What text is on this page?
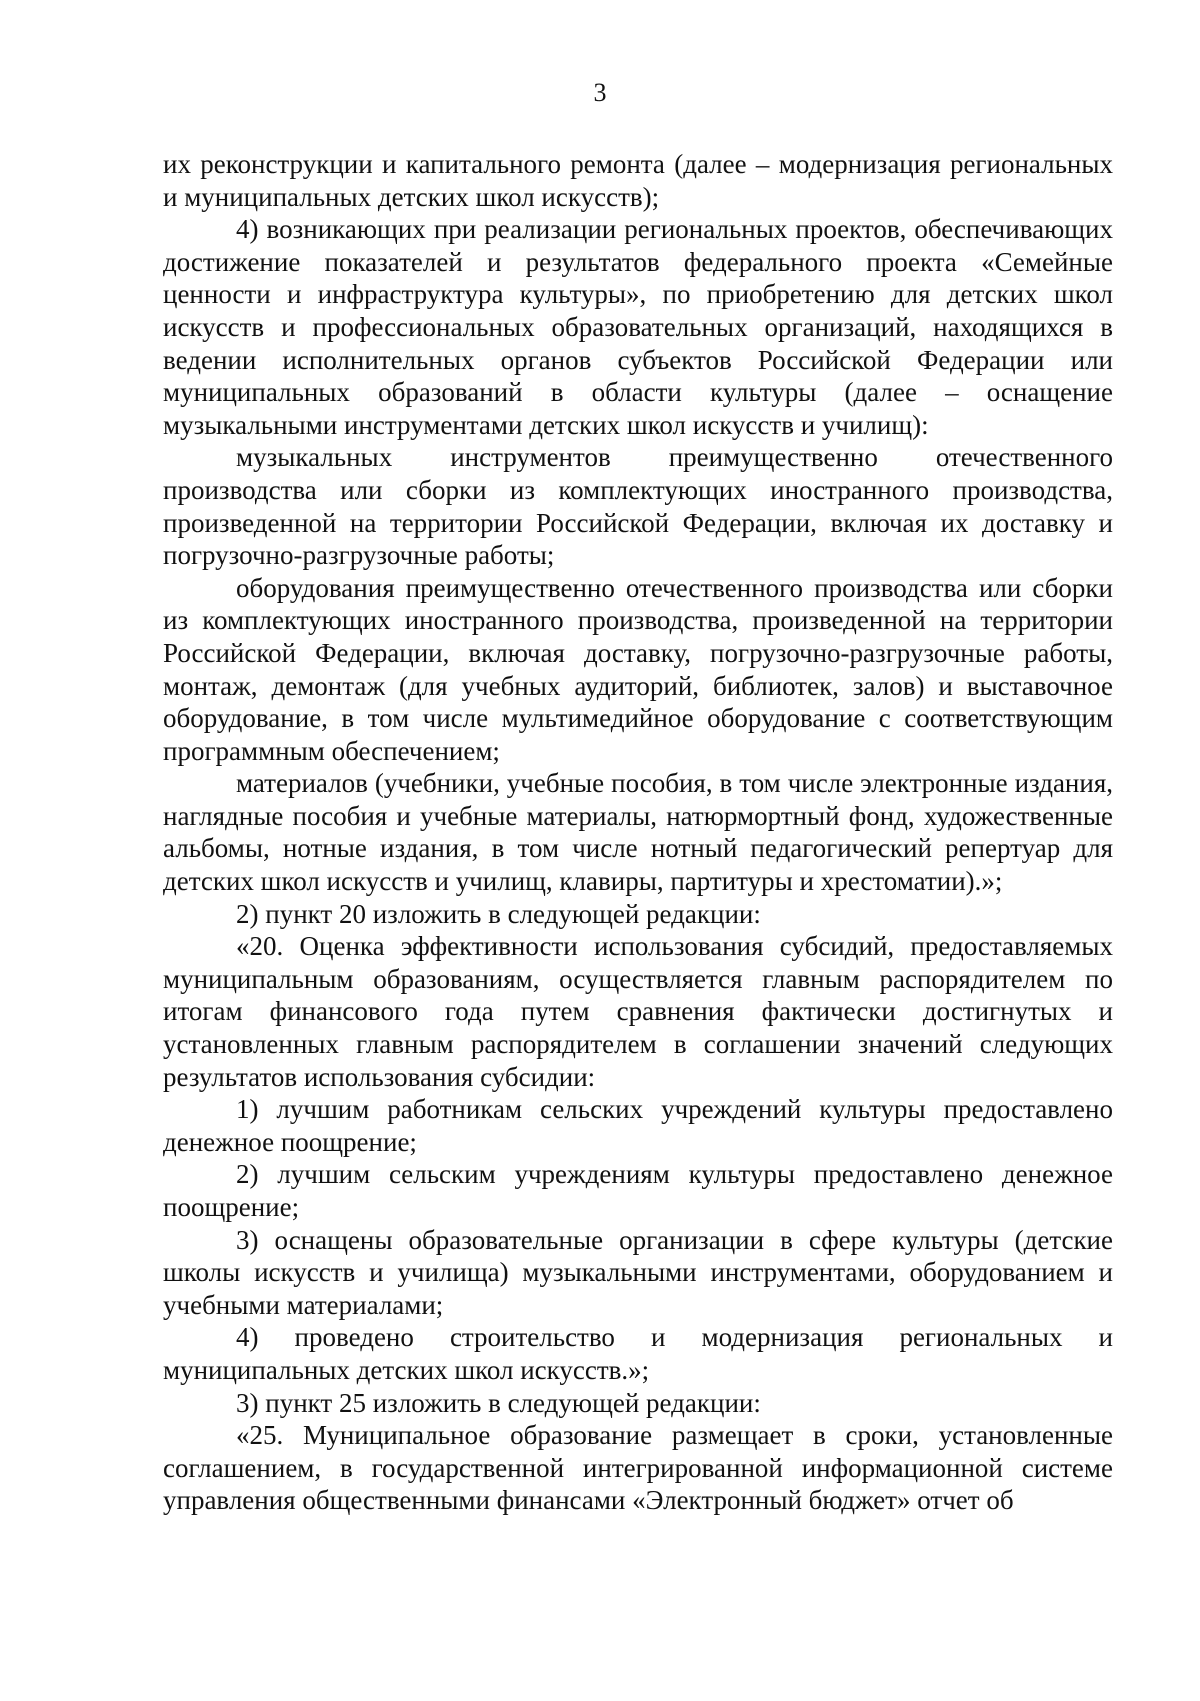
3

их реконструкции и капитального ремонта (далее – модернизация региональных и муниципальных детских школ искусств);

4) возникающих при реализации региональных проектов, обеспечивающих достижение показателей и результатов федерального проекта «Семейные ценности и инфраструктура культуры», по приобретению для детских школ искусств и профессиональных образовательных организаций, находящихся в ведении исполнительных органов субъектов Российской Федерации или муниципальных образований в области культуры (далее – оснащение музыкальными инструментами детских школ искусств и училищ):

музыкальных инструментов преимущественно отечественного производства или сборки из комплектующих иностранного производства, произведенной на территории Российской Федерации, включая их доставку и погрузочно-разгрузочные работы;

оборудования преимущественно отечественного производства или сборки из комплектующих иностранного производства, произведенной на территории Российской Федерации, включая доставку, погрузочно-разгрузочные работы, монтаж, демонтаж (для учебных аудиторий, библиотек, залов) и выставочное оборудование, в том числе мультимедийное оборудование с соответствующим программным обеспечением;

материалов (учебники, учебные пособия, в том числе электронные издания, наглядные пособия и учебные материалы, натюрмортный фонд, художественные альбомы, нотные издания, в том числе нотный педагогический репертуар для детских школ искусств и училищ, клавиры, партитуры и хрестоматии).»;

2) пункт 20 изложить в следующей редакции:

«20. Оценка эффективности использования субсидий, предоставляемых муниципальным образованиям, осуществляется главным распорядителем по итогам финансового года путем сравнения фактически достигнутых и установленных главным распорядителем в соглашении значений следующих результатов использования субсидии:

1) лучшим работникам сельских учреждений культуры предоставлено денежное поощрение;

2) лучшим сельским учреждениям культуры предоставлено денежное поощрение;

3) оснащены образовательные организации в сфере культуры (детские школы искусств и училища) музыкальными инструментами, оборудованием и учебными материалами;

4) проведено строительство и модернизация региональных и муниципальных детских школ искусств.»;

3) пункт 25 изложить в следующей редакции:

«25. Муниципальное образование размещает в сроки, установленные соглашением, в государственной интегрированной информационной системе управления общественными финансами «Электронный бюджет» отчет об
